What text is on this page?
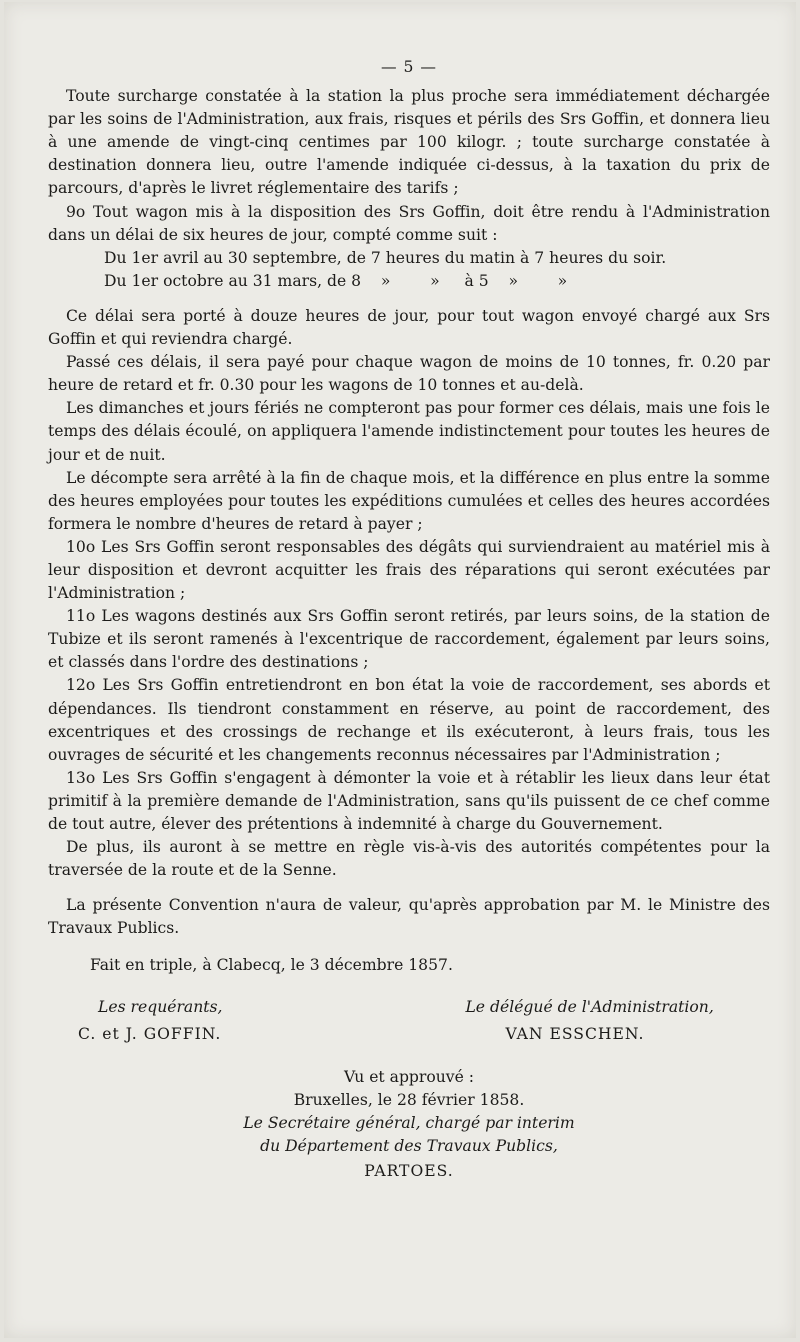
— 5 —

Toute surcharge constatée à la station la plus proche sera immédiatement déchargée par les soins de l'Administration, aux frais, risques et périls des Srs Goffin, et donnera lieu à une amende de vingt-cinq centimes par 100 kilogr. ; toute surcharge constatée à destination donnera lieu, outre l'amende indiquée ci-dessus, à la taxation du prix de parcours, d'après le livret réglementaire des tarifs ;

9o Tout wagon mis à la disposition des Srs Goffin, doit être rendu à l'Administration dans un délai de six heures de jour, compté comme suit :

Du 1er avril au 30 septembre, de 7 heures du matin à 7 heures du soir.
Du 1er octobre au 31 mars, de 8    »        »     à 5    »        »

Ce délai sera porté à douze heures de jour, pour tout wagon envoyé chargé aux Srs Goffin et qui reviendra chargé.

Passé ces délais, il sera payé pour chaque wagon de moins de 10 tonnes, fr. 0.20 par heure de retard et fr. 0.30 pour les wagons de 10 tonnes et au-delà.

Les dimanches et jours fériés ne compteront pas pour former ces délais, mais une fois le temps des délais écoulé, on appliquera l'amende indistinctement pour toutes les heures de jour et de nuit.

Le décompte sera arrêté à la fin de chaque mois, et la différence en plus entre la somme des heures employées pour toutes les expéditions cumulées et celles des heures accordées formera le nombre d'heures de retard à payer ;

10o Les Srs Goffin seront responsables des dégâts qui surviendraient au matériel mis à leur disposition et devront acquitter les frais des réparations qui seront exécutées par l'Administration ;

11o Les wagons destinés aux Srs Goffin seront retirés, par leurs soins, de la station de Tubize et ils seront ramenés à l'excentrique de raccordement, également par leurs soins, et classés dans l'ordre des destinations ;

12o Les Srs Goffin entretiendront en bon état la voie de raccordement, ses abords et dépendances. Ils tiendront constamment en réserve, au point de raccordement, des excentriques et des crossings de rechange et ils exécuteront, à leurs frais, tous les ouvrages de sécurité et les changements reconnus nécessaires par l'Administration ;

13o Les Srs Goffin s'engagent à démonter la voie et à rétablir les lieux dans leur état primitif à la première demande de l'Administration, sans qu'ils puissent de ce chef comme de tout autre, élever des prétentions à indemnité à charge du Gouvernement.

De plus, ils auront à se mettre en règle vis-à-vis des autorités compétentes pour la traversée de la route et de la Senne.

La présente Convention n'aura de valeur, qu'après approbation par M. le Ministre des Travaux Publics.

Fait en triple, à Clabecq, le 3 décembre 1857.

Les requérants,
C. et J. GOFFIN.
Le délégué de l'Administration,
VAN ESSCHEN.
Vu et approuvé :
Bruxelles, le 28 février 1858.
Le Secrétaire général, chargé par interim
du Département des Travaux Publics,
PARTOES.
